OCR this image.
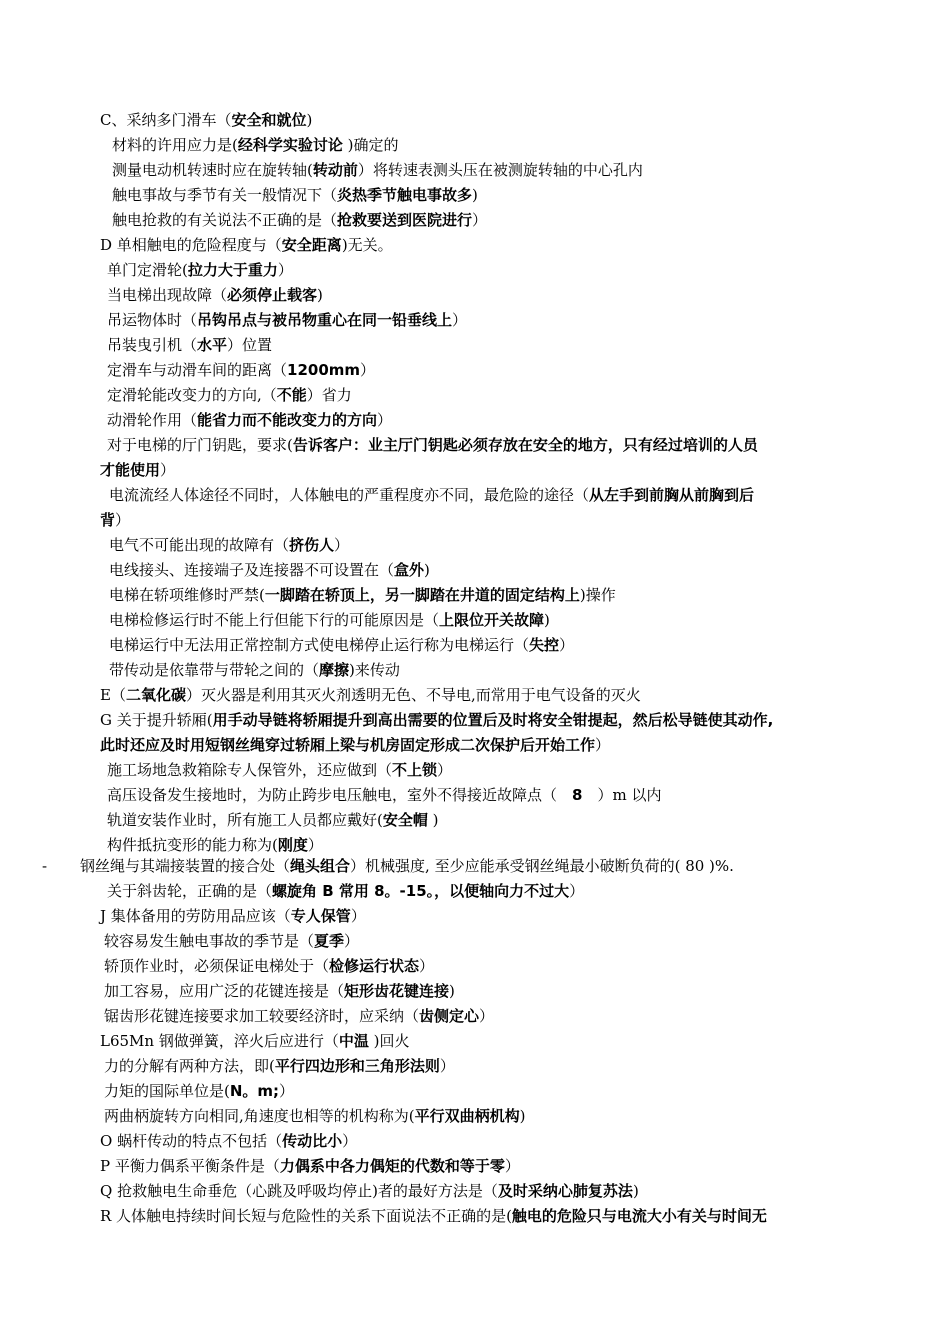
-
C、采纳多门滑车（安全和就位)
材料的许用应力是(经科学实验讨论 )确定的
测量电动机转速时应在旋转轴(转动前）将转速表测头压在被测旋转轴的中心孔内
触电事故与季节有关一般情况下（炎热季节触电事故多)
触电抢救的有关说法不正确的是（抢救要送到医院进行）
D 单相触电的危险程度与（安全距离)无关。
单门定滑轮(拉力大于重力）
当电梯出现故障（必须停止载客)
吊运物体时（吊钩吊点与被吊物重心在同一铅垂线上）
吊装曳引机（水平）位置
定滑车与动滑车间的距离（1200mm）
定滑轮能改变力的方向,（不能）省力
动滑轮作用（能省力而不能改变力的方向）
对于电梯的厅门钥匙，要求(告诉客户：业主厅门钥匙必须存放在安全的地方，只有经过培训的人员
才能使用）
电流流经人体途径不同时，人体触电的严重程度亦不同，最危险的途径（从左手到前胸从前胸到后
背）
电气不可能出现的故障有（挤伤人）
电线接头、连接端子及连接器不可设置在（盒外)
电梯在轿项维修时严禁(一脚踏在轿顶上，另一脚踏在井道的固定结构上)操作
电梯检修运行时不能上行但能下行的可能原因是（上限位开关故障)
电梯运行中无法用正常控制方式使电梯停止运行称为电梯运行（失控）
带传动是依靠带与带轮之间的（摩擦)来传动
E（二氧化碳）灭火器是利用其灭火剂透明无色、不导电,而常用于电气设备的灭火
G 关于提升轿厢(用手动导链将轿厢提升到高出需要的位置后及时将安全钳提起，然后松导链使其动作,
此时还应及时用短钢丝绳穿过轿厢上梁与机房固定形成二次保护后开始工作）
施工场地急救箱除专人保管外，还应做到（不上锁）
高压设备发生接地时，为防止跨步电压触电，室外不得接近故障点（　8　）m 以内
轨道安装作业时，所有施工人员都应戴好(安全帽 )
构件抵抗变形的能力称为(刚度）
钢丝绳与其端接装置的接合处（绳头组合）机械强度, 至少应能承受钢丝绳最小破断负荷的( 80 )%.
关于斜齿轮，正确的是（螺旋角 B 常用 8。-15。，以便轴向力不过大）
J 集体备用的劳防用品应该（专人保管）
较容易发生触电事故的季节是（夏季）
轿顶作业时，必须保证电梯处于（检修运行状态）
加工容易，应用广泛的花键连接是（矩形齿花键连接)
锯齿形花键连接要求加工较要经济时，应采纳（齿侧定心）
L65Mn 钢做弹簧，淬火后应进行（中温 )回火
力的分解有两种方法，即(平行四边形和三角形法则）
力矩的国际单位是(N。m;）
两曲柄旋转方向相同,角速度也相等的机构称为(平行双曲柄机构)
O 蜗杆传动的特点不包括（传动比小）
P 平衡力偶系平衡条件是（力偶系中各力偶矩的代数和等于零）
Q 抢救触电生命垂危（心跳及呼吸均停止)者的最好方法是（及时采纳心肺复苏法)
R 人体触电持续时间长短与危险性的关系下面说法不正确的是(触电的危险只与电流大小有关与时间无
